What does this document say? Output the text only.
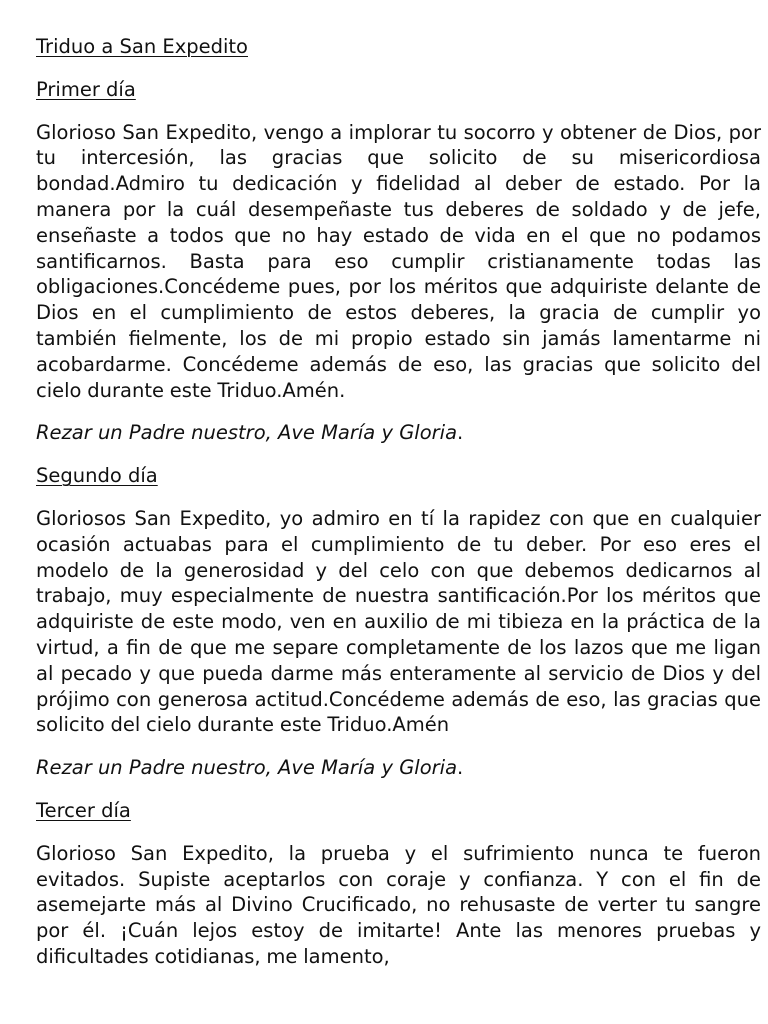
Triduo a San Expedito

Primer día

Glorioso San Expedito, vengo a implorar tu socorro y obtener de Dios, por tu intercesión, las gracias que solicito de su misericordiosa bondad.Admiro tu dedicación y fidelidad al deber de estado. Por la manera por la cuál desempeñaste tus deberes de soldado y de jefe, enseñaste a todos que no hay estado de vida en el que no podamos santificarnos. Basta para eso cumplir cristianamente todas las obligaciones.Concédeme pues, por los méritos que adquiriste delante de Dios en el cumplimiento de estos deberes, la gracia de cumplir yo también fielmente, los de mi propio estado sin jamás lamentarme ni acobardarme. Concédeme además de eso, las gracias que solicito del cielo durante este Triduo.Amén.

Rezar un Padre nuestro, Ave María y Gloria.

Segundo día

Gloriosos San Expedito, yo admiro en tí la rapidez con que en cualquier ocasión actuabas para el cumplimiento de tu deber. Por eso eres el modelo de la generosidad y del celo con que debemos dedicarnos al trabajo, muy especialmente de nuestra santificación.Por los méritos que adquiriste de este modo, ven en auxilio de mi tibieza en la práctica de la virtud, a fin de que me separe completamente de los lazos que me ligan al pecado y que pueda darme más enteramente al servicio de Dios y del prójimo con generosa actitud.Concédeme además de eso, las gracias que solicito del cielo durante este Triduo.Amén

Rezar un Padre nuestro, Ave María y Gloria.

Tercer día

Glorioso San Expedito, la prueba y el sufrimiento nunca te fueron evitados. Supiste aceptarlos con coraje y confianza. Y con el fin de asemejarte más al Divino Crucificado, no rehusaste de verter tu sangre por él. ¡Cuán lejos estoy de imitarte! Ante las menores pruebas y dificultades cotidianas, me lamento,
